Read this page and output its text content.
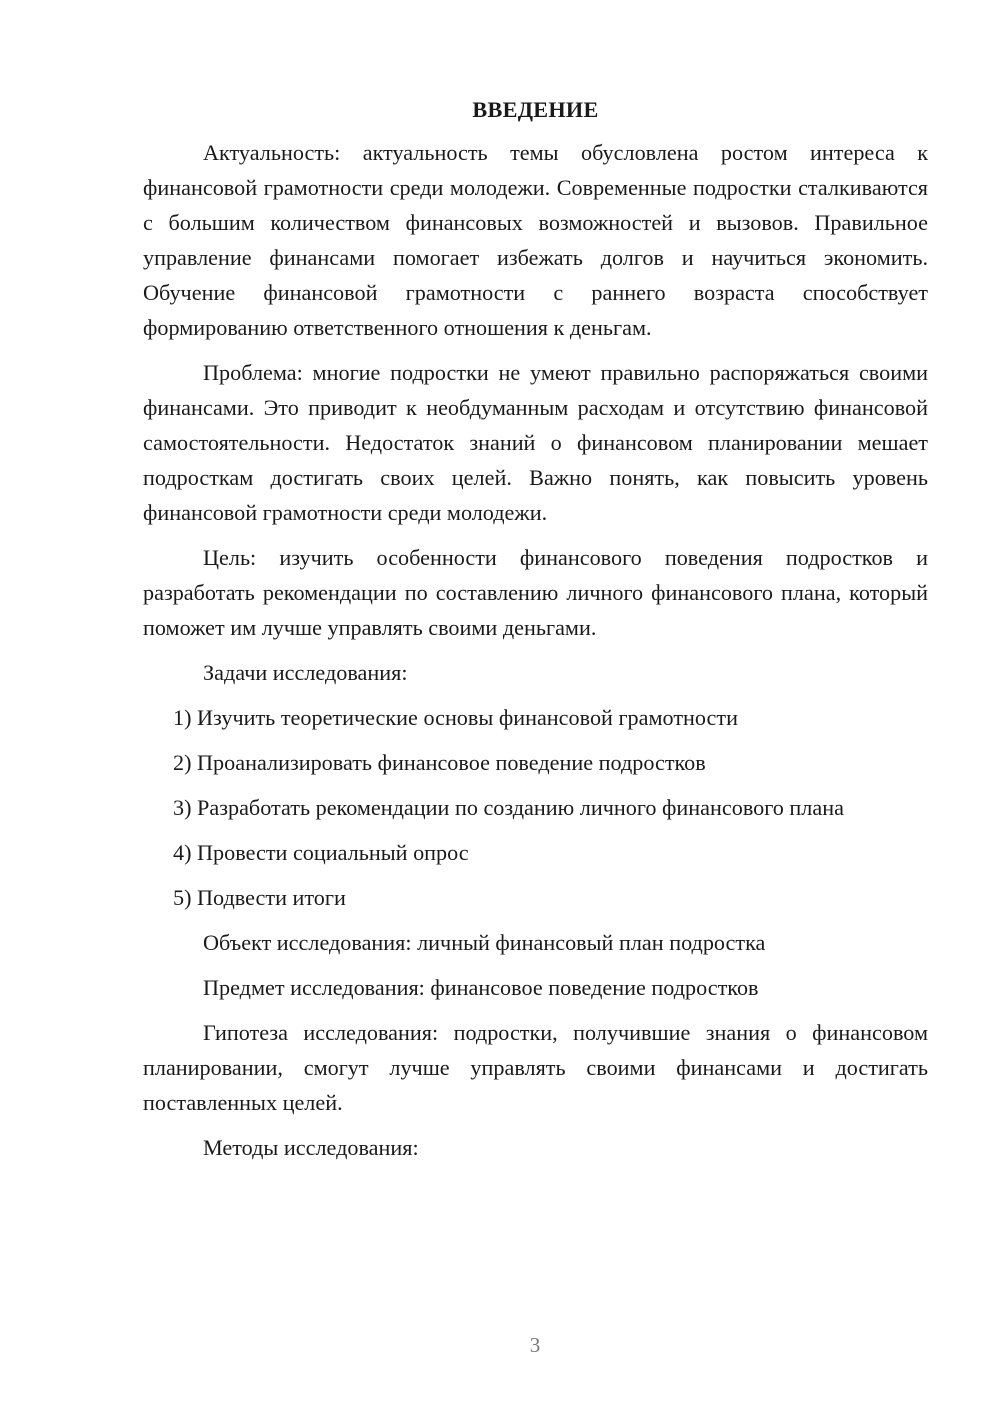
ВВЕДЕНИЕ

Актуальность: актуальность темы обусловлена ростом интереса к финансовой грамотности среди молодежи. Современные подростки сталкиваются с большим количеством финансовых возможностей и вызовов. Правильное управление финансами помогает избежать долгов и научиться экономить. Обучение финансовой грамотности с раннего возраста способствует формированию ответственного отношения к деньгам.

Проблема: многие подростки не умеют правильно распоряжаться своими финансами. Это приводит к необдуманным расходам и отсутствию финансовой самостоятельности. Недостаток знаний о финансовом планировании мешает подросткам достигать своих целей. Важно понять, как повысить уровень финансовой грамотности среди молодежи.

Цель: изучить особенности финансового поведения подростков и разработать рекомендации по составлению личного финансового плана, который поможет им лучше управлять своими деньгами.

Задачи исследования:

1) Изучить теоретические основы финансовой грамотности

2) Проанализировать финансовое поведение подростков

3) Разработать рекомендации по созданию личного финансового плана

4) Провести социальный опрос

5) Подвести итоги

Объект исследования: личный финансовый план подростка

Предмет исследования: финансовое поведение подростков

Гипотеза исследования: подростки, получившие знания о финансовом планировании, смогут лучше управлять своими финансами и достигать поставленных целей.

Методы исследования:

3
